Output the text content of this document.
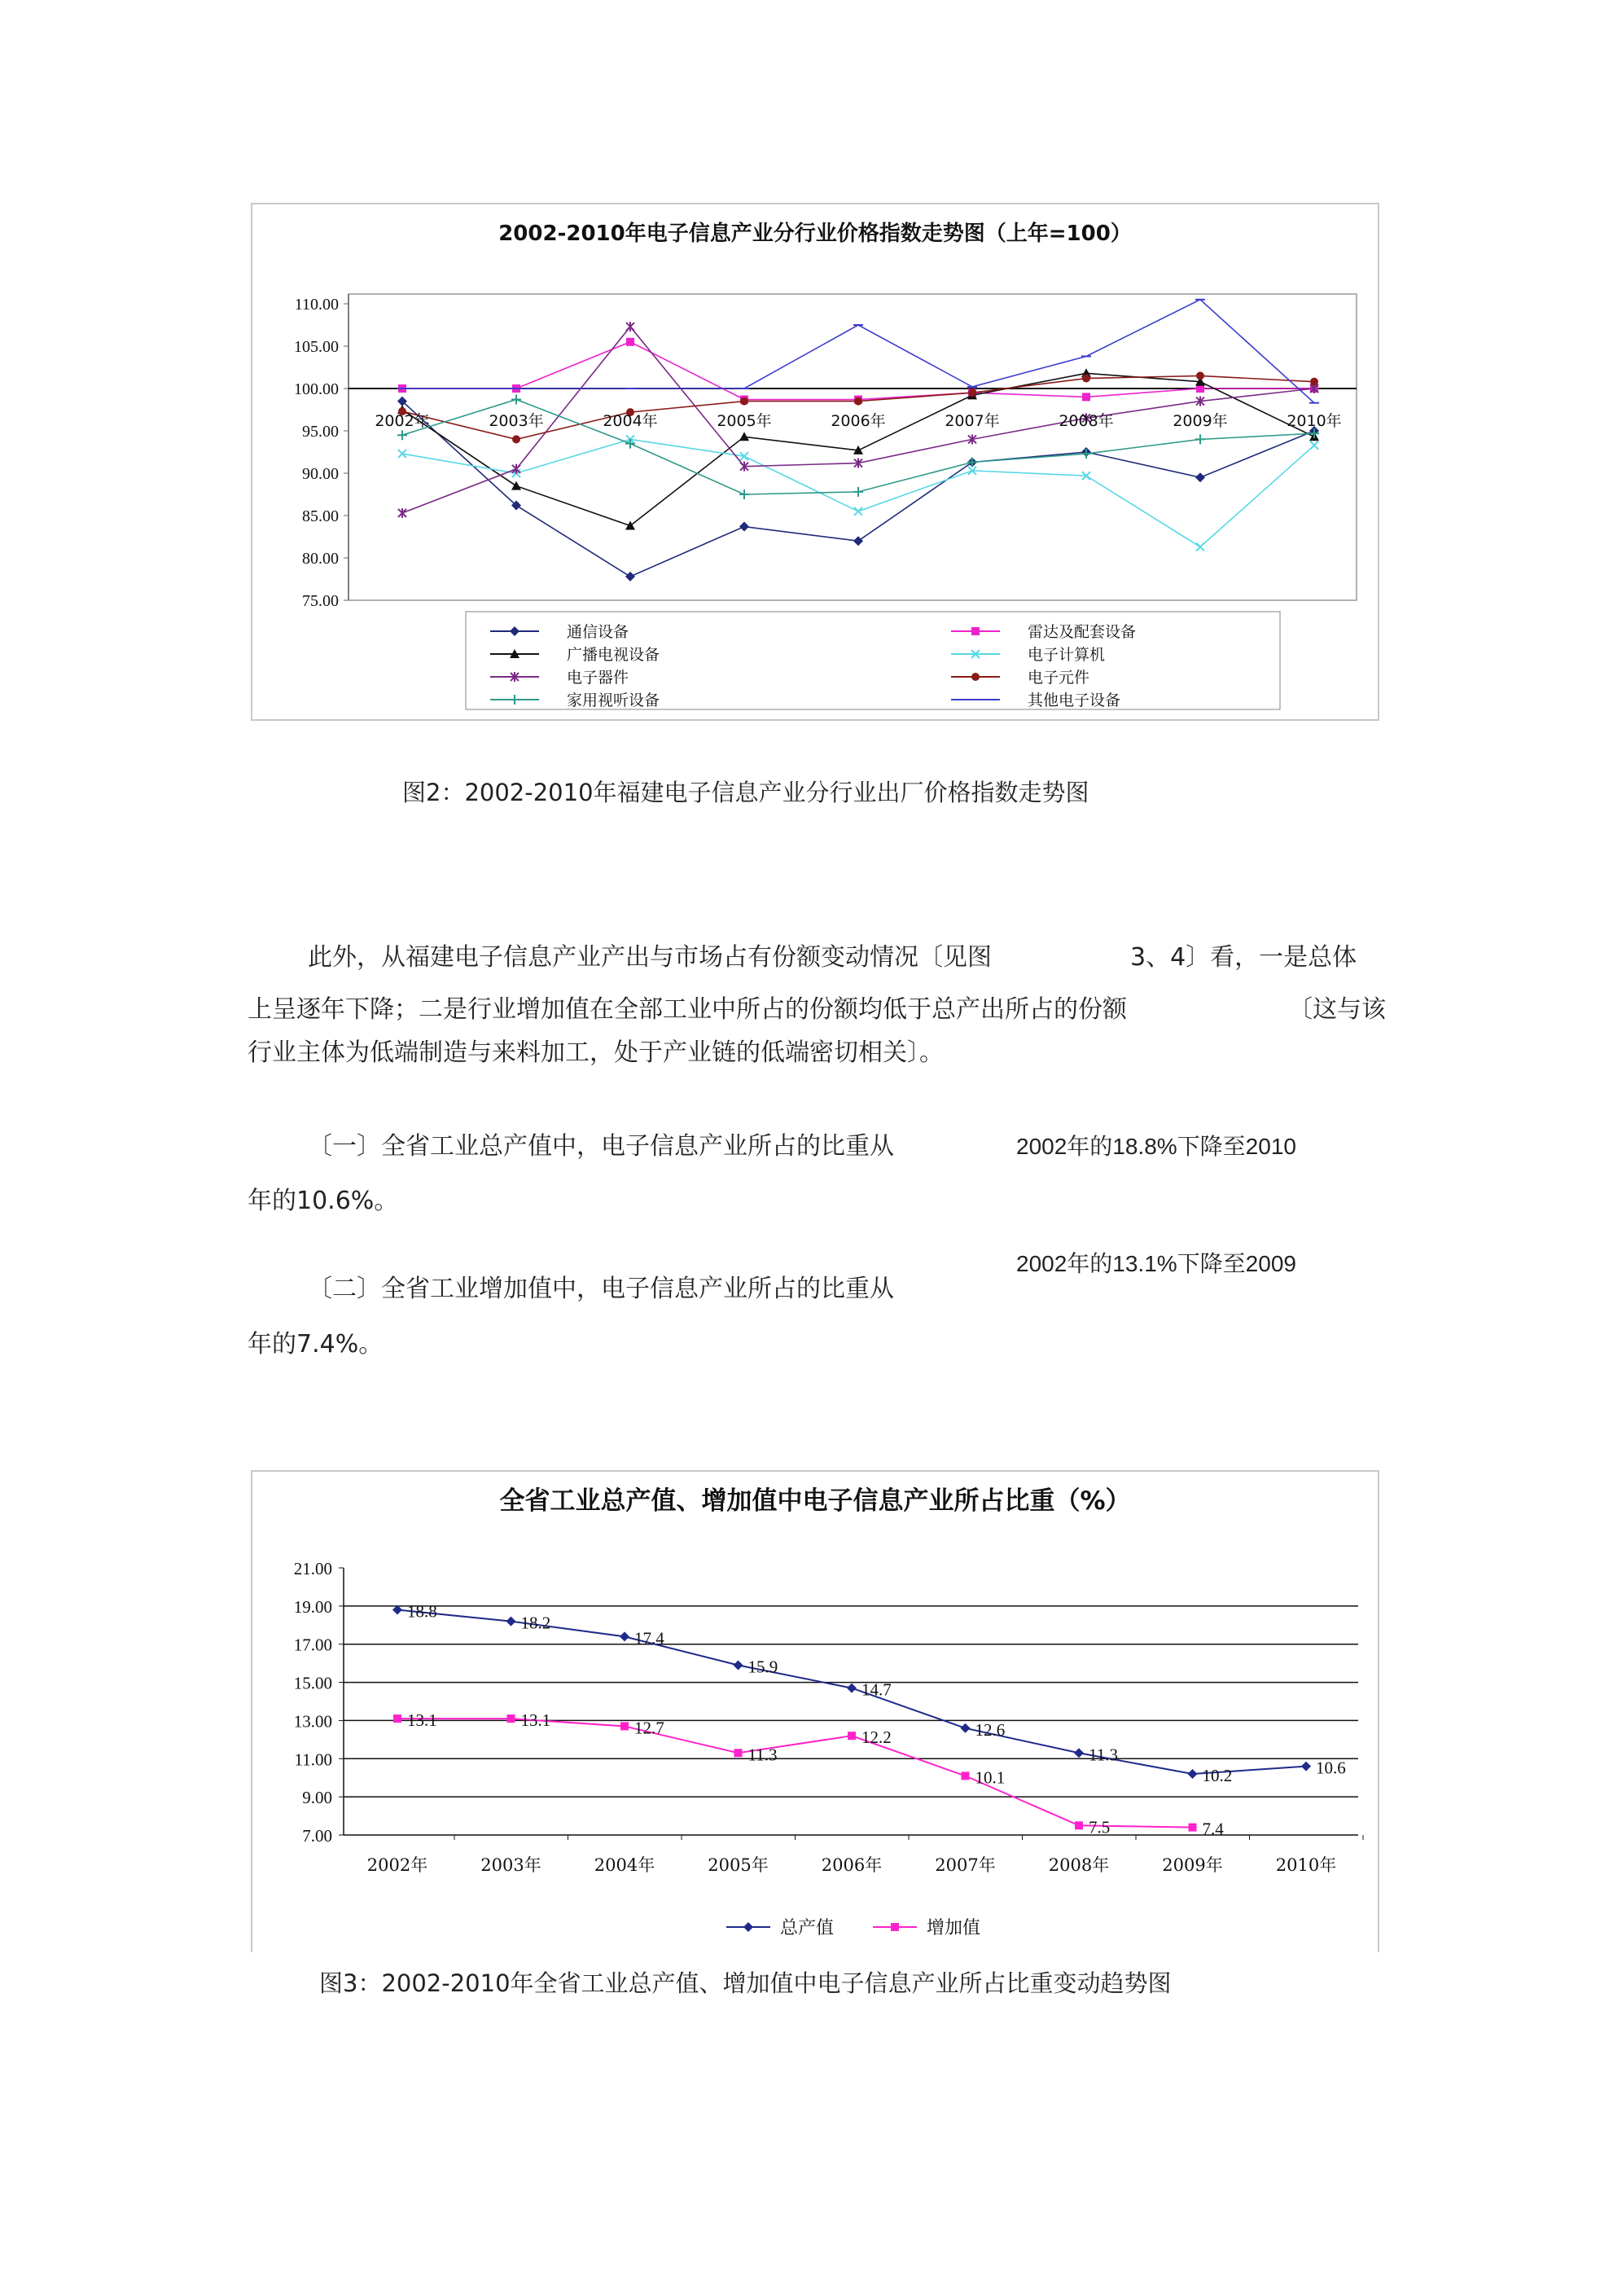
2002-2010年电子信息产业分行业价格指数走势图（上年=100）
110.00
105.00
100.00
95.00
90.00
85.00
80.00
75.00
2002年	2003年	2004年	2005年	2006年	2007年	2008年	2009年	2010年
通信设备	雷达及配套设备
广播电视设备	电子计算机
电子器件	电子元件
家用视听设备	其他电子设备
图2：2002-2010年福建电子信息产业分行业出厂价格指数走势图
此外，从福建电子信息产业产出与市场占有份额变动情况〔见图	3、4〕看，一是总体
上呈逐年下降；二是行业增加值在全部工业中所占的份额均低于总产出所占的份额	〔这与该
行业主体为低端制造与来料加工，处于产业链的低端密切相关〕。
〔一〕全省工业总产值中，电子信息产业所占的比重从	2002年的18.8%下降至2010
年的10.6%。
2002年的13.1%下降至2009
〔二〕全省工业增加值中，电子信息产业所占的比重从
年的7.4%。
全省工业总产值、增加值中电子信息产业所占比重（%）
21.00
19.00
17.00
15.00
13.00
11.00
9.00
7.00
2002年	2003年	2004年	2005年	2006年	2007年	2008年	2009年	2010年
18.8
18.2
17.4
15.9
14.7
12.6
11.3
10.2	10.6
13.1	13.1	12.7
11.3
12.2
10.1
7.5	7.4
总产值	增加值
图3：2002-2010年全省工业总产值、增加值中电子信息产业所占比重变动趋势图
